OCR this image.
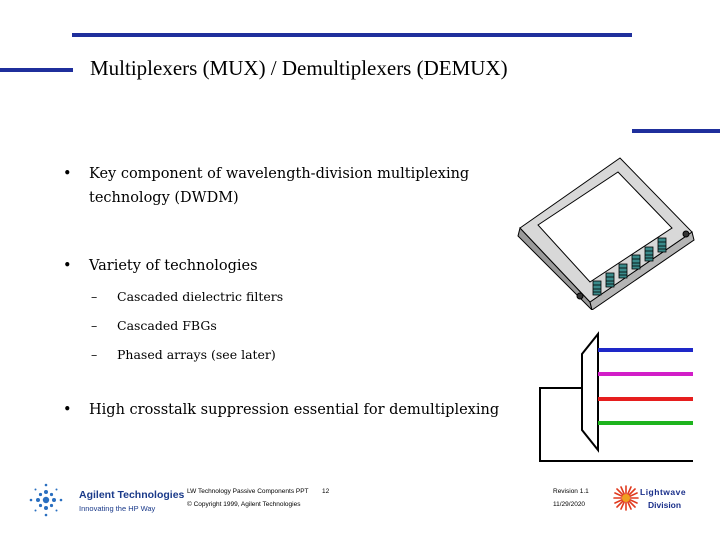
Multiplexers (MUX) / Demultiplexers (DEMUX)
• Key component of wavelength-division multiplexing
technology (DWDM)
• Variety of technologies
– Cascaded dielectric filters
– Cascaded FBGs
– Phased arrays (see later)
• High crosstalk suppression essential for demultiplexing
Agilent Technologies
Innovating the HP Way
LW Technology Passive Components PPT 12
© Copyright 1999, Agilent Technologies
Revision 1.1
11/29/2020
Lightwave
Division
